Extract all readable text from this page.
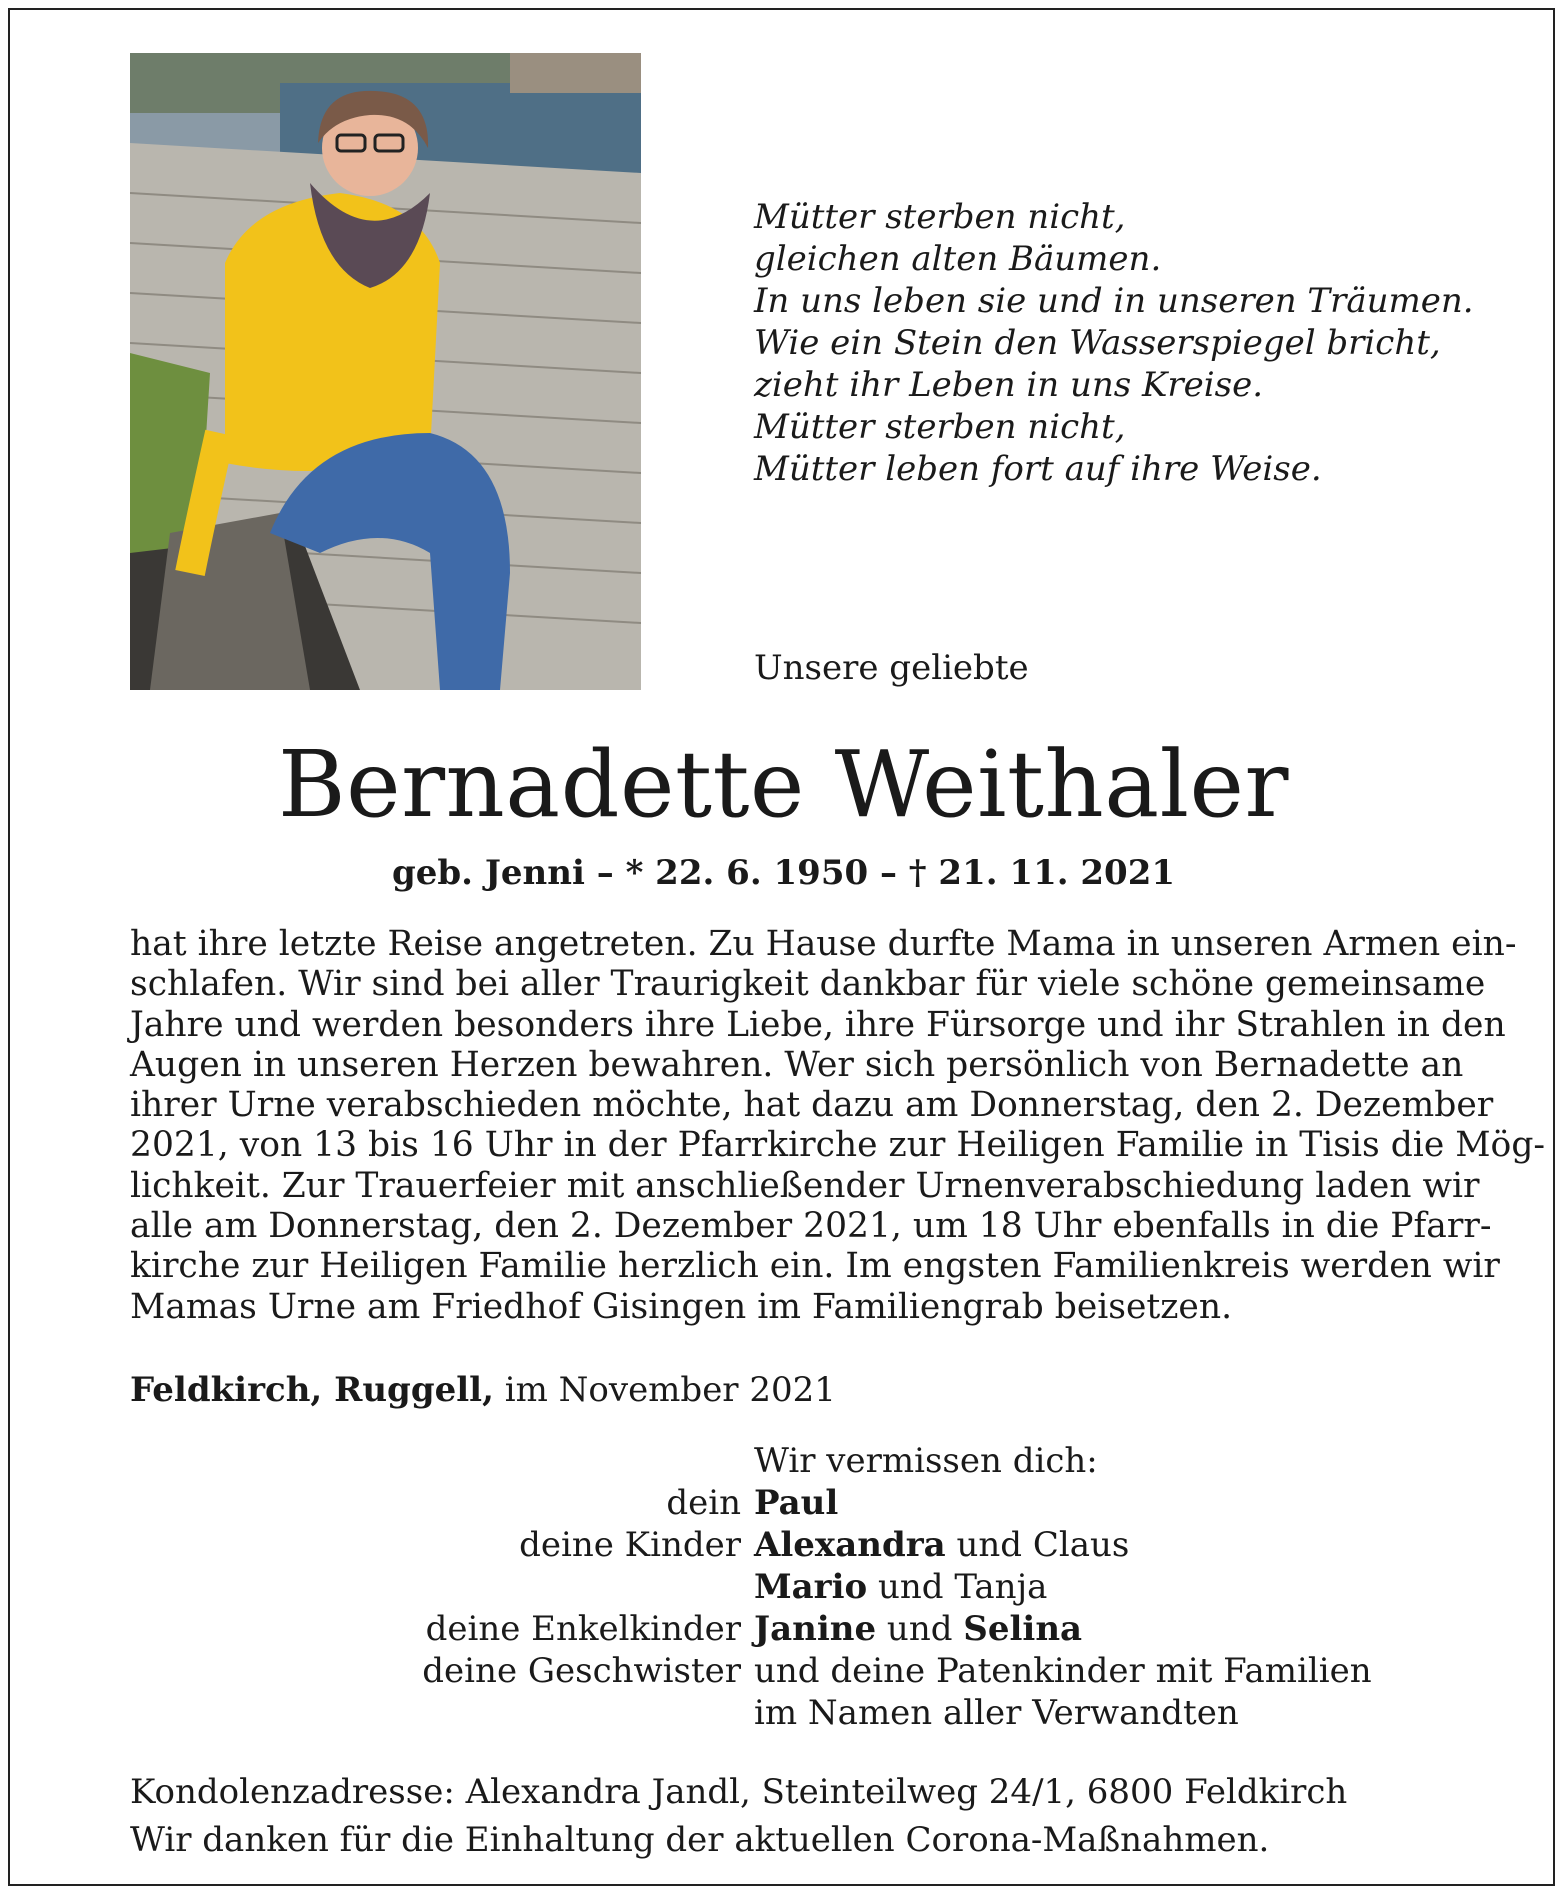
Mütter sterben nicht,
gleichen alten Bäumen.
In uns leben sie und in unseren Träumen.
Wie ein Stein den Wasserspiegel bricht,
zieht ihr Leben in uns Kreise.
Mütter sterben nicht,
Mütter leben fort auf ihre Weise.
Unsere geliebte
Bernadette Weithaler
geb. Jenni – * 22. 6. 1950 – † 21. 11. 2021
hat ihre letzte Reise angetreten. Zu Hause durfte Mama in unseren Armen ein-
schlafen. Wir sind bei aller Traurigkeit dankbar für viele schöne gemeinsame
Jahre und werden besonders ihre Liebe, ihre Fürsorge und ihr Strahlen in den
Augen in unseren Herzen bewahren. Wer sich persönlich von Bernadette an
ihrer Urne verabschieden möchte, hat dazu am Donnerstag, den 2. Dezember
2021, von 13 bis 16 Uhr in der Pfarrkirche zur Heiligen Familie in Tisis die Mög-
lichkeit. Zur Trauerfeier mit anschließender Urnenverabschiedung laden wir
alle am Donnerstag, den 2. Dezember 2021, um 18 Uhr ebenfalls in die Pfarr-
kirche zur Heiligen Familie herzlich ein. Im engsten Familienkreis werden wir
Mamas Urne am Friedhof Gisingen im Familiengrab beisetzen.
Feldkirch, Ruggell, im November 2021
dein
deine Kinder
deine Enkelkinder
deine Geschwister
Wir vermissen dich:
Paul
Alexandra und Claus
Mario und Tanja
Janine und Selina
und deine Patenkinder mit Familien
im Namen aller Verwandten
Kondolenzadresse: Alexandra Jandl, Steinteilweg 24/1, 6800 Feldkirch
Wir danken für die Einhaltung der aktuellen Corona-Maßnahmen.
